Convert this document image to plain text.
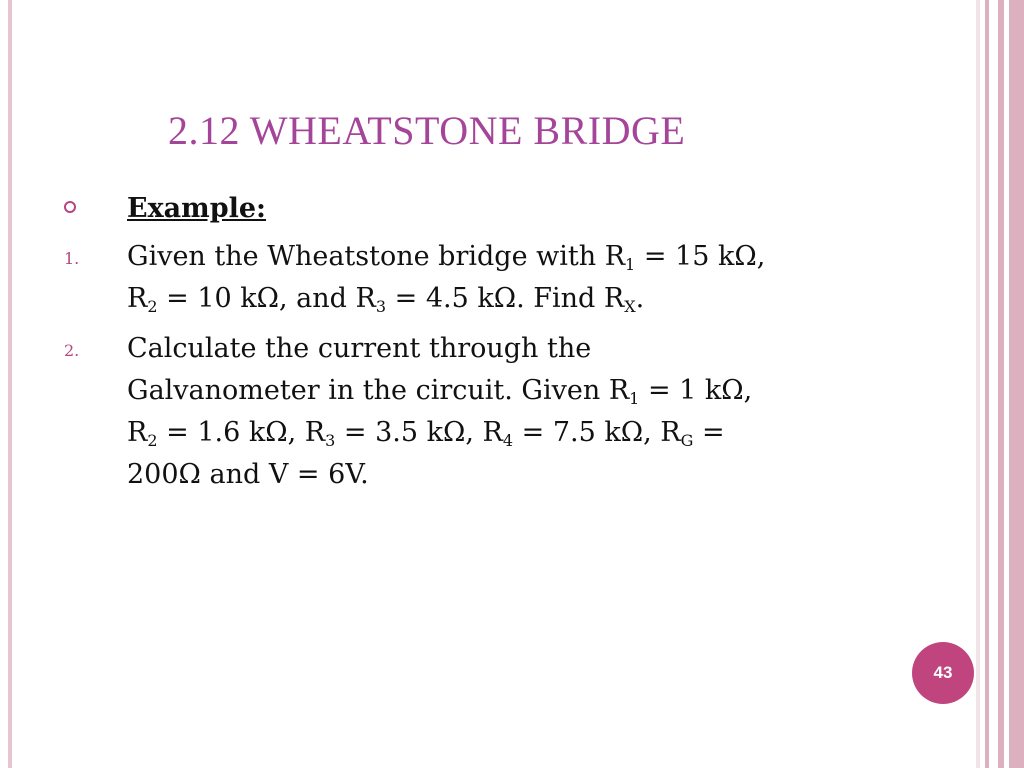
2.12 WHEATSTONE BRIDGE
Example:
1. Given the Wheatstone bridge with $R_1 = 15$ kΩ,
$R_2 = 10$ kΩ, and $R_3 = 4.5$ kΩ. Find $R_X$.
2. Calculate the current through the
Galvanometer in the circuit. Given $R_1 = 1$ kΩ,
$R_2 = 1.6$ kΩ, $R_3 = 3.5$ kΩ, $R_4 = 7.5$ kΩ, $R_G$ =
200Ω and V = 6V.
43
